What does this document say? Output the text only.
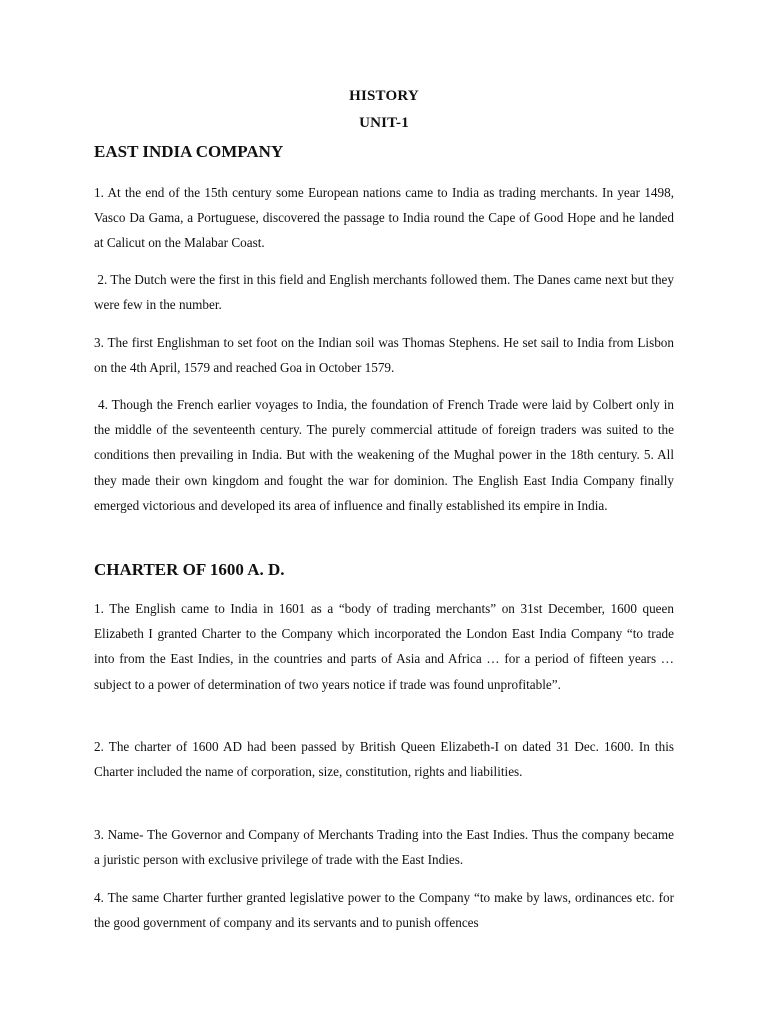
HISTORY

UNIT-1

EAST INDIA COMPANY

1. At the end of the 15th century some European nations came to India as trading merchants. In year 1498, Vasco Da Gama, a Portuguese, discovered the passage to India round the Cape of Good Hope and he landed at Calicut on the Malabar Coast.

2. The Dutch were the first in this field and English merchants followed them. The Danes came next but they were few in the number.

3. The first Englishman to set foot on the Indian soil was Thomas Stephens. He set sail to India from Lisbon on the 4th April, 1579 and reached Goa in October 1579.

4. Though the French earlier voyages to India, the foundation of French Trade were laid by Colbert only in the middle of the seventeenth century. The purely commercial attitude of foreign traders was suited to the conditions then prevailing in India. But with the weakening of the Mughal power in the 18th century. 5. All they made their own kingdom and fought the war for dominion. The English East India Company finally emerged victorious and developed its area of influence and finally established its empire in India.

CHARTER OF 1600 A. D.

1. The English came to India in 1601 as a “body of trading merchants” on 31st December, 1600 queen Elizabeth I granted Charter to the Company which incorporated the London East India Company “to trade into from the East Indies, in the countries and parts of Asia and Africa … for a period of fifteen years … subject to a power of determination of two years notice if trade was found unprofitable”.

2. The charter of 1600 AD had been passed by British Queen Elizabeth-I on dated 31 Dec. 1600. In this Charter included the name of corporation, size, constitution, rights and liabilities.

3. Name- The Governor and Company of Merchants Trading into the East Indies. Thus the company became a juristic person with exclusive privilege of trade with the East Indies.

4. The same Charter further granted legislative power to the Company “to make by laws, ordinances etc. for the good government of company and its servants and to punish offences
